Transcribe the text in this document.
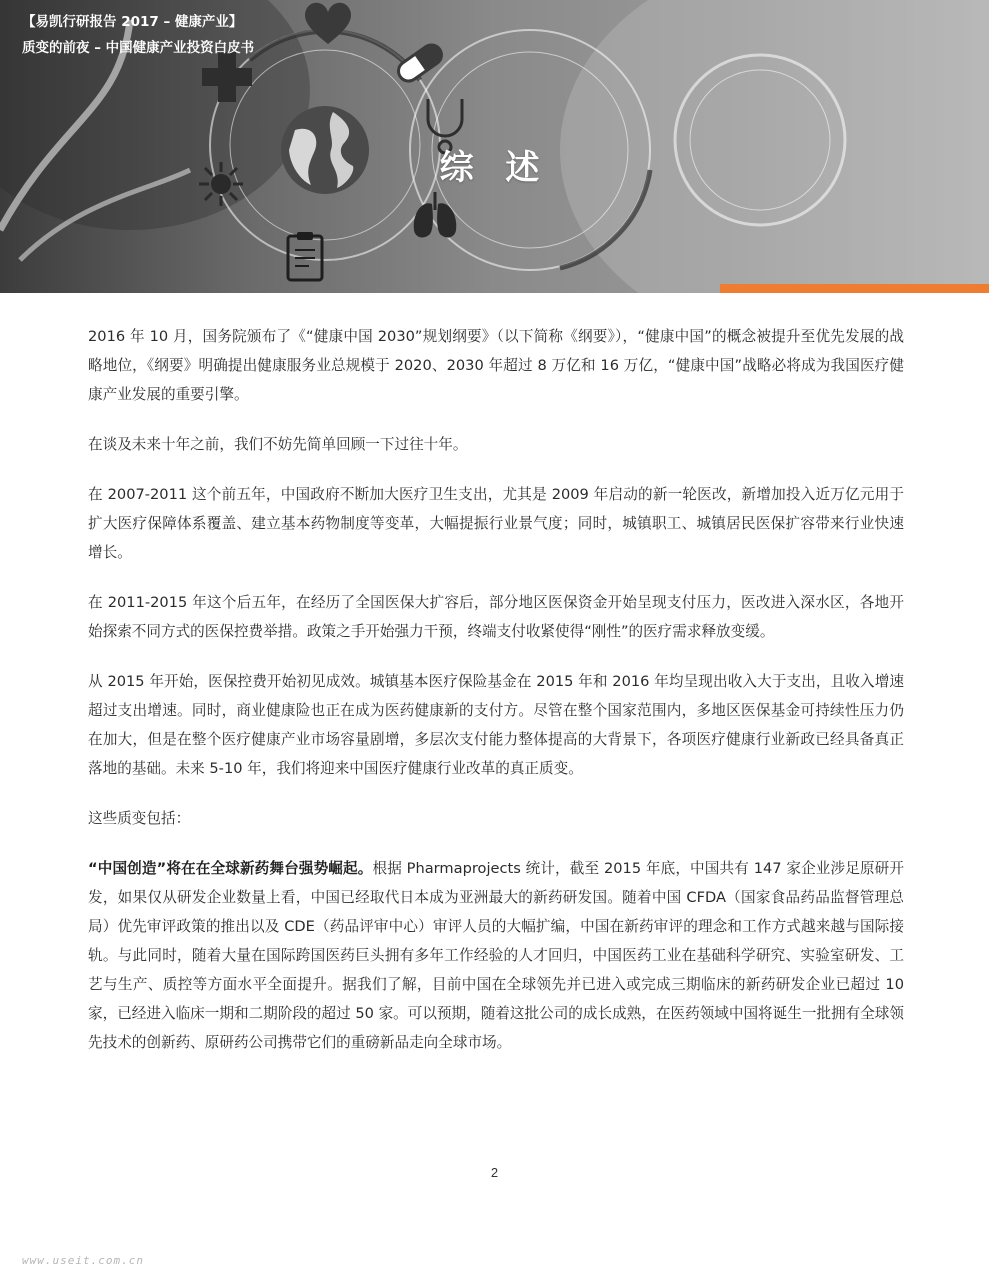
【易凯行研报告 2017 – 健康产业】
质变的前夜 – 中国健康产业投资白皮书
综 述

2016 年 10 月，国务院颁布了《“健康中国 2030”规划纲要》（以下简称《纲要》），“健康中国”的概念被提升至优先发展的战略地位，《纲要》明确提出健康服务业总规模于 2020、2030 年超过 8 万亿和 16 万亿，“健康中国”战略必将成为我国医疗健康产业发展的重要引擎。

在谈及未来十年之前，我们不妨先简单回顾一下过往十年。

在 2007-2011 这个前五年，中国政府不断加大医疗卫生支出，尤其是 2009 年启动的新一轮医改，新增加投入近万亿元用于扩大医疗保障体系覆盖、建立基本药物制度等变革，大幅提振行业景气度；同时，城镇职工、城镇居民医保扩容带来行业快速增长。

在 2011-2015 年这个后五年，在经历了全国医保大扩容后，部分地区医保资金开始呈现支付压力，医改进入深水区，各地开始探索不同方式的医保控费举措。政策之手开始强力干预，终端支付收紧使得“刚性”的医疗需求释放变缓。

从 2015 年开始，医保控费开始初见成效。城镇基本医疗保险基金在 2015 年和 2016 年均呈现出收入大于支出，且收入增速超过支出增速。同时，商业健康险也正在成为医药健康新的支付方。尽管在整个国家范围内，多地区医保基金可持续性压力仍在加大，但是在整个医疗健康产业市场容量剧增，多层次支付能力整体提高的大背景下，各项医疗健康行业新政已经具备真正落地的基础。未来 5-10 年，我们将迎来中国医疗健康行业改革的真正质变。

这些质变包括：

“中国创造”将在在全球新药舞台强势崛起。根据 Pharmaprojects 统计，截至 2015 年底，中国共有 147 家企业涉足原研开发，如果仅从研发企业数量上看，中国已经取代日本成为亚洲最大的新药研发国。随着中国 CFDA（国家食品药品监督管理总局）优先审评政策的推出以及 CDE（药品评审中心）审评人员的大幅扩编，中国在新药审评的理念和工作方式越来越与国际接轨。与此同时，随着大量在国际跨国医药巨头拥有多年工作经验的人才回归，中国医药工业在基础科学研究、实验室研发、工艺与生产、质控等方面水平全面提升。据我们了解，目前中国在全球领先并已进入或完成三期临床的新药研发企业已超过 10 家，已经进入临床一期和二期阶段的超过 50 家。可以预期，随着这批公司的成长成熟，在医药领域中国将诞生一批拥有全球领先技术的创新药、原研药公司携带它们的重磅新品走向全球市场。

2
www.useit.com.cn
